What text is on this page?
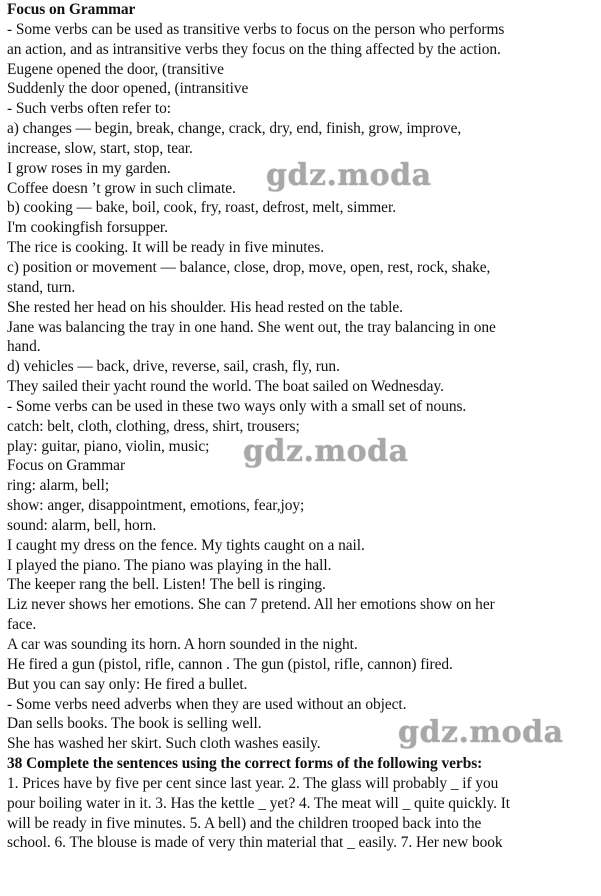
Focus on Grammar
- Some verbs can be used as transitive verbs to focus on the person who performs
an action, and as intransitive verbs they focus on the thing affected by the action.
Eugene opened the door, (transitive
Suddenly the door opened, (intransitive
- Such verbs often refer to:
a) changes — begin, break, change, crack, dry, end, finish, grow, improve,
increase, slow, start, stop, tear.
I grow roses in my garden.
Coffee doesn ’t grow in such climate.
b) cooking — bake, boil, cook, fry, roast, defrost, melt, simmer.
I'm cookingfish forsupper.
The rice is cooking. It will be ready in five minutes.
c) position or movement — balance, close, drop, move, open, rest, rock, shake,
stand, turn.
She rested her head on his shoulder. His head rested on the table.
Jane was balancing the tray in one hand. She went out, the tray balancing in one
hand.
d) vehicles — back, drive, reverse, sail, crash, fly, run.
They sailed their yacht round the world. The boat sailed on Wednesday.
- Some verbs can be used in these two ways only with a small set of nouns.
catch: belt, cloth, clothing, dress, shirt, trousers;
play: guitar, piano, violin, music;
Focus on Grammar
ring: alarm, bell;
show: anger, disappointment, emotions, fear,joy;
sound: alarm, bell, horn.
I caught my dress on the fence. My tights caught on a nail.
I played the piano. The piano was playing in the hall.
The keeper rang the bell. Listen! The bell is ringing.
Liz never shows her emotions. She can 7 pretend. All her emotions show on her
face.
A car was sounding its horn. A horn sounded in the night.
He fired a gun (pistol, rifle, cannon . The gun (pistol, rifle, cannon) fired.
But you can say only: He fired a bullet.
- Some verbs need adverbs when they are used without an object.
Dan sells books. The book is selling well.
She has washed her skirt. Such cloth washes easily.
38 Complete the sentences using the correct forms of the following verbs:
1. Prices have by five per cent since last year. 2. The glass will probably _ if you
pour boiling water in it. 3. Has the kettle _ yet? 4. The meat will _ quite quickly. It
will be ready in five minutes. 5. A bell) and the children trooped back into the
school. 6. The blouse is made of very thin material that _ easily. 7. Her new book
gdz.moda
gdz.moda
gdz.moda
